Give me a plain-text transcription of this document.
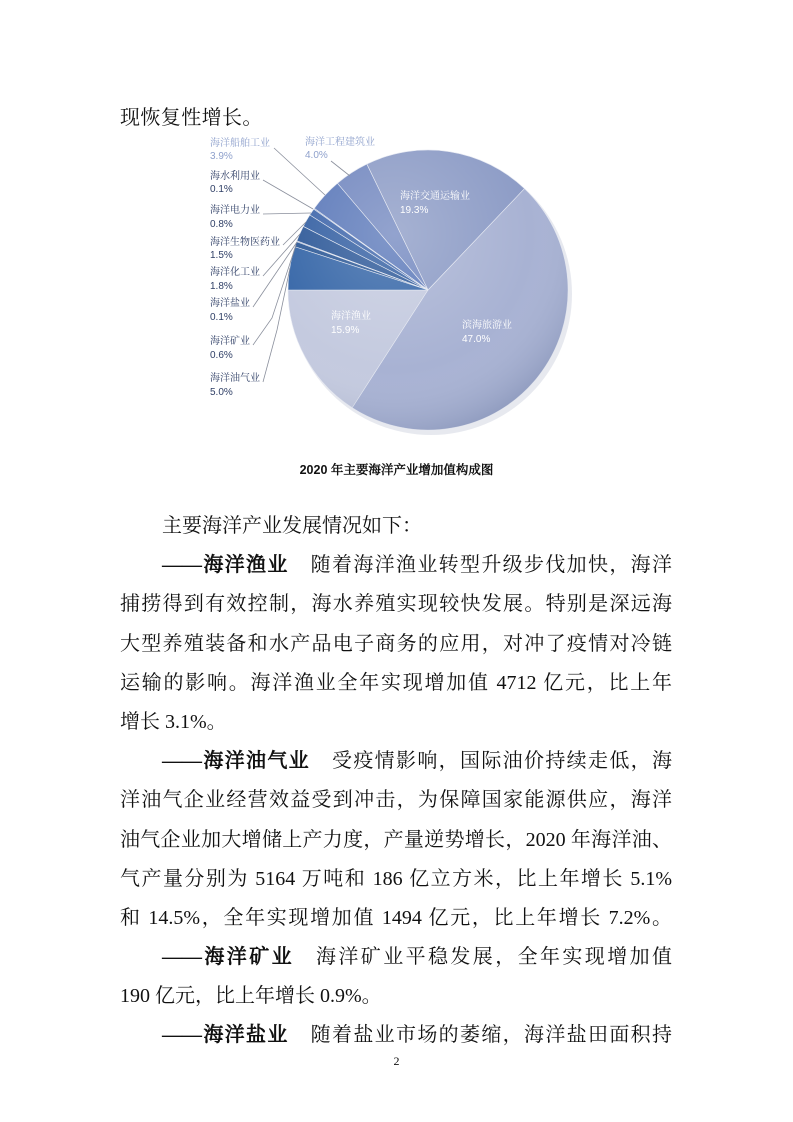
现恢复性增长。
海洋渔业
15.9%	滨海旅游业
47.0%
海洋交通运输业
19.3%
海洋工程建筑业
4.0%
海洋船舶工业
3.9%
海水利用业
0.1%
海洋电力业
0.8%
海洋生物医药业
1.5%
海洋化工业
1.8%
海洋盐业
0.1%
海洋矿业
0.6%
海洋油气业
5.0%
2020 年主要海洋产业增加值构成图
主要海洋产业发展情况如下：
——海洋渔业 随着海洋渔业转型升级步伐加快，海洋
捕捞得到有效控制，海水养殖实现较快发展。特别是深远海
大型养殖装备和水产品电子商务的应用，对冲了疫情对冷链
运输的影响。海洋渔业全年实现增加值 4712 亿元，比上年
增长 3.1%。
——海洋油气业 受疫情影响，国际油价持续走低，海
洋油气企业经营效益受到冲击，为保障国家能源供应，海洋
油气企业加大增储上产力度，产量逆势增长，2020 年海洋油、
气产量分别为 5164 万吨和 186 亿立方米，比上年增长 5.1%
和 14.5%，全年实现增加值 1494 亿元，比上年增长 7.2%。
——海洋矿业 海洋矿业平稳发展，全年实现增加值
190 亿元，比上年增长 0.9%。
——海洋盐业 随着盐业市场的萎缩，海洋盐田面积持
2
